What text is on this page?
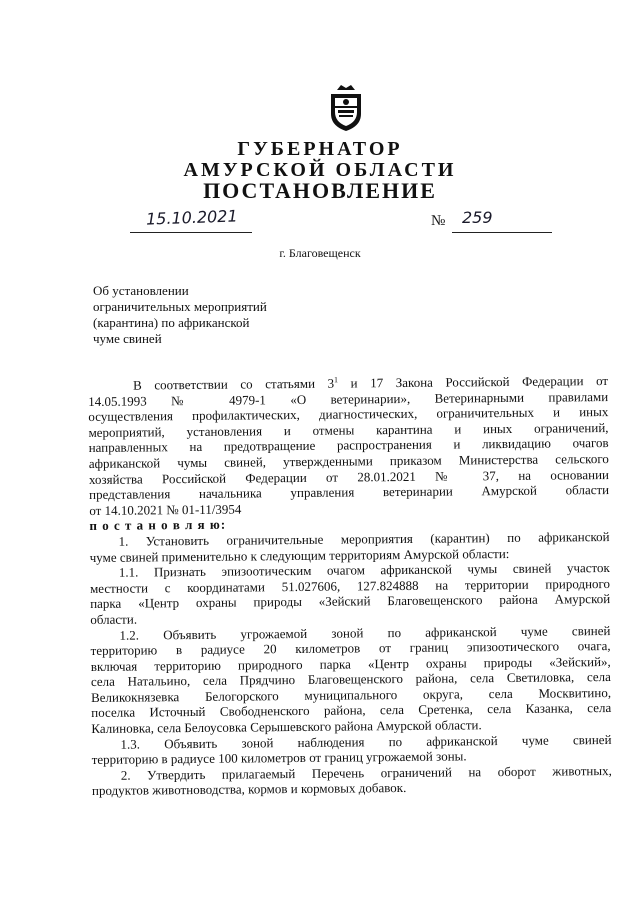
ГУБЕРНАТОР
АМУРСКОЙ ОБЛАСТИ
ПОСТАНОВЛЕНИЕ
15.10.2021	№ 259
г. Благовещенск
Об установлении
ограничительных мероприятий
(карантина) по африканской
чуме свиней
В соответствии со статьями $3^1$ и 17 Закона Российской Федерации от
14.05.1993 № 4979-1 «О ветеринарии», Ветеринарными правилами
осуществления профилактических, диагностических, ограничительных и иных
мероприятий, установления и отмены карантина и иных ограничений,
направленных на предотвращение распространения и ликвидацию очагов
африканской чумы свиней, утвержденными приказом Министерства сельского
хозяйства Российской Федерации от 28.01.2021 № 37, на основании
представления начальника управления ветеринарии Амурской области
от 14.10.2021 № 01-11/3954
п о с т а н о в л я ю:
1. Установить ограничительные мероприятия (карантин) по африканской
чуме свиней применительно к следующим территориям Амурской области:
1.1. Признать эпизоотическим очагом африканской чумы свиней участок
местности с координатами 51.027606, 127.824888 на территории природного
парка «Центр охраны природы «Зейский Благовещенского района Амурской
области.
1.2. Объявить угрожаемой зоной по африканской чуме свиней
территорию в радиусе 20 километров от границ эпизоотического очага,
включая территорию природного парка «Центр охраны природы «Зейский»,
села Натальино, села Прядчино Благовещенского района, села Светиловка, села
Великокнязевка Белогорского муниципального округа, села Москвитино,
поселка Источный Свободненского района, села Сретенка, села Казанка, села
Калиновка, села Белоусовка Серышевского района Амурской области.
1.3. Объявить зоной наблюдения по африканской чуме свиней
территорию в радиусе 100 километров от границ угрожаемой зоны.
2. Утвердить прилагаемый Перечень ограничений на оборот животных,
продуктов животноводства, кормов и кормовых добавок.
